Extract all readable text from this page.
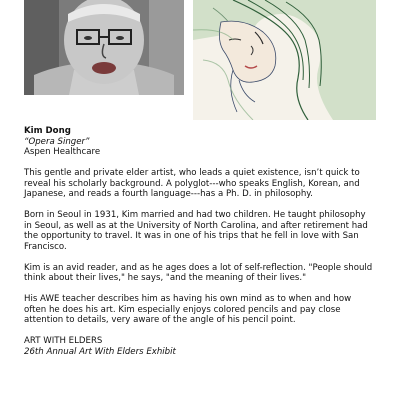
Kim Dong

“Opera Singer”

Aspen Healthcare

This gentle and private elder artist, who leads a quiet existence, isn’t quick to reveal his scholarly background. A polyglot---who speaks English, Korean, and Japanese, and reads a fourth language---has a Ph. D. in philosophy.

Born in Seoul in 1931, Kim married and had two children. He taught philosophy in Seoul, as well as at the University of North Carolina, and after retirement had the opportunity to travel. It was in one of his trips that he fell in love with San Francisco.

Kim is an avid reader, and as he ages does a lot of self-reflection. "People should think about their lives," he says, "and the meaning of their lives."

His AWE teacher describes him as having his own mind as to when and how often he does his art. Kim especially enjoys colored pencils and pay close attention to details, very aware of the angle of his pencil point.

ART WITH ELDERS

26th Annual Art With Elders Exhibit
